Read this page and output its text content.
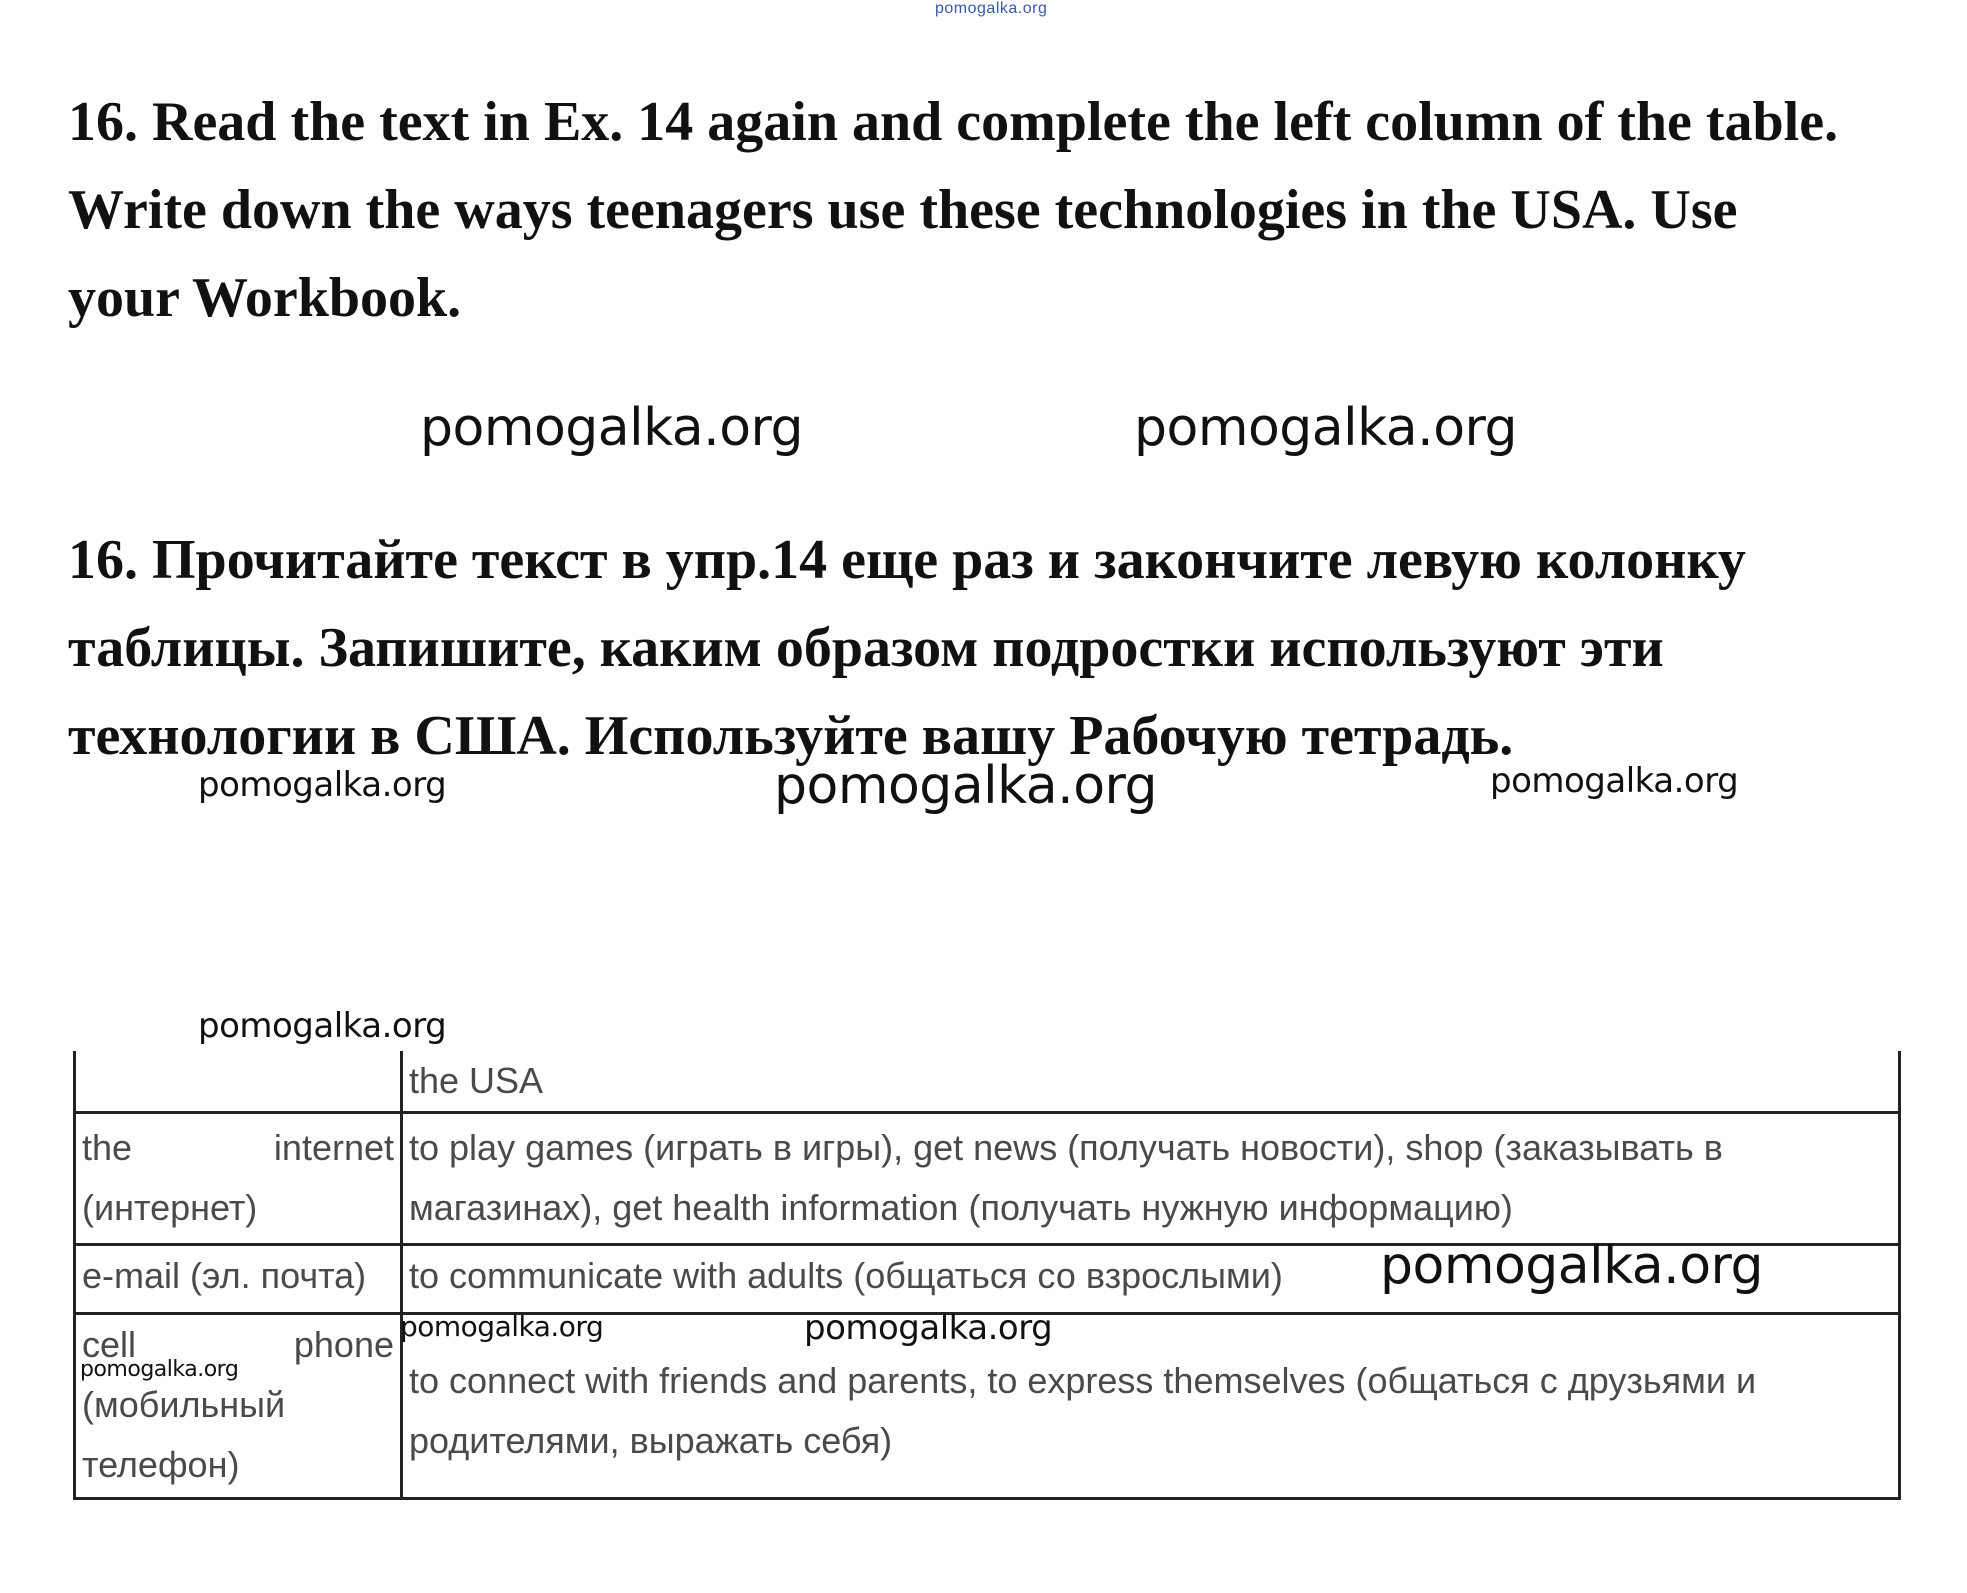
pomogalka.org

16. Read the text in Ex. 14 again and complete the left column of the table. Write down the ways teenagers use these technologies in the USA. Use your Workbook.

pomogalka.org	pomogalka.org

16. Прочитайте текст в упр.14 еще раз и закончите левую колонку таблицы. Запишите, каким образом подростки используют эти технологии в США. Используйте вашу Рабочую тетрадь.

pomogalka.org	pomogalka.org	pomogalka.org
pomogalka.org
	the USA

the internet
(интернет)	to play games (играть в игры), get news (получать новости), shop (заказывать в магазинах), get health information (получать нужную информацию)
e-mail (эл. почта)	to communicate with adults (общаться со взрослыми)

cell phone
(мобильный телефон)	to connect with friends and parents, to express themselves (общаться с друзьями и родителями, выражать себя)
pomogalka.org
pomogalka.org	pomogalka.org
pomogalka.org
